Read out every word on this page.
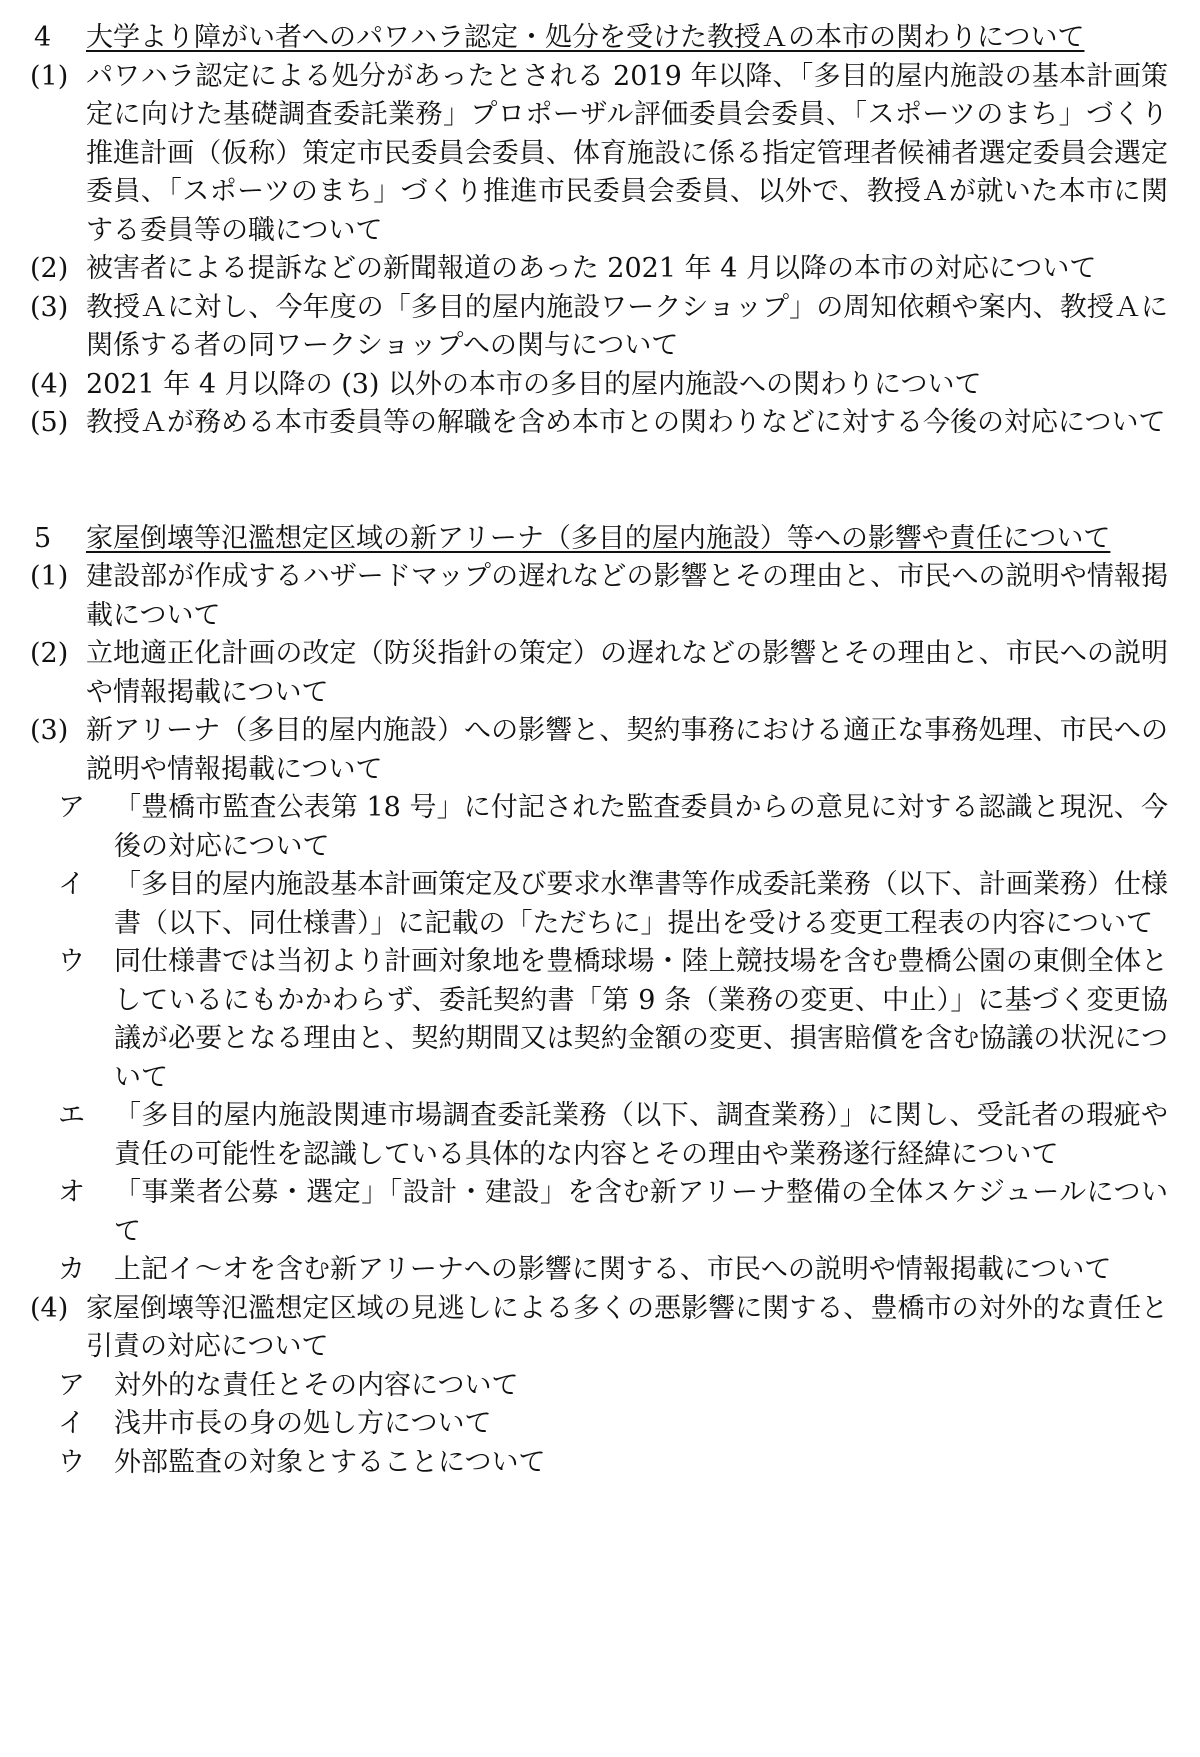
4	大学より障がい者へのパワハラ認定・処分を受けた教授Ａの本市の関わりについて
(1) パワハラ認定による処分があったとされる 2019 年以降、「多目的屋内施設の基本計画策定に向けた基礎調査委託業務」プロポーザル評価委員会委員、「スポーツのまち」づくり推進計画（仮称）策定市民委員会委員、体育施設に係る指定管理者候補者選定委員会選定委員、「スポーツのまち」づくり推進市民委員会委員、以外で、教授Ａが就いた本市に関する委員等の職について
(2) 被害者による提訴などの新聞報道のあった 2021 年 4 月以降の本市の対応について
(3) 教授Ａに対し、今年度の「多目的屋内施設ワークショップ」の周知依頼や案内、教授Ａに関係する者の同ワークショップへの関与について
(4) 2021 年 4 月以降の (3) 以外の本市の多目的屋内施設への関わりについて
(5) 教授Ａが務める本市委員等の解職を含め本市との関わりなどに対する今後の対応について
5	家屋倒壊等氾濫想定区域の新アリーナ（多目的屋内施設）等への影響や責任について
(1) 建設部が作成するハザードマップの遅れなどの影響とその理由と、市民への説明や情報掲載について
(2) 立地適正化計画の改定（防災指針の策定）の遅れなどの影響とその理由と、市民への説明や情報掲載について
(3) 新アリーナ（多目的屋内施設）への影響と、契約事務における適正な事務処理、市民への説明や情報掲載について
ア 「豊橋市監査公表第 18 号」に付記された監査委員からの意見に対する認識と現況、今後の対応について
イ 「多目的屋内施設基本計画策定及び要求水準書等作成委託業務（以下、計画業務）仕様書（以下、同仕様書）」に記載の「ただちに」提出を受ける変更工程表の内容について
ウ 同仕様書では当初より計画対象地を豊橋球場・陸上競技場を含む豊橋公園の東側全体としているにもかかわらず、委託契約書「第 9 条（業務の変更、中止）」に基づく変更協議が必要となる理由と、契約期間又は契約金額の変更、損害賠償を含む協議の状況について
エ 「多目的屋内施設関連市場調査委託業務（以下、調査業務）」に関し、受託者の瑕疵や責任の可能性を認識している具体的な内容とその理由や業務遂行経緯について
オ 「事業者公募・選定」「設計・建設」を含む新アリーナ整備の全体スケジュールについて
カ 上記イ～オを含む新アリーナへの影響に関する、市民への説明や情報掲載について
(4) 家屋倒壊等氾濫想定区域の見逃しによる多くの悪影響に関する、豊橋市の対外的な責任と引責の対応について
ア 対外的な責任とその内容について
イ 浅井市長の身の処し方について
ウ 外部監査の対象とすることについて
